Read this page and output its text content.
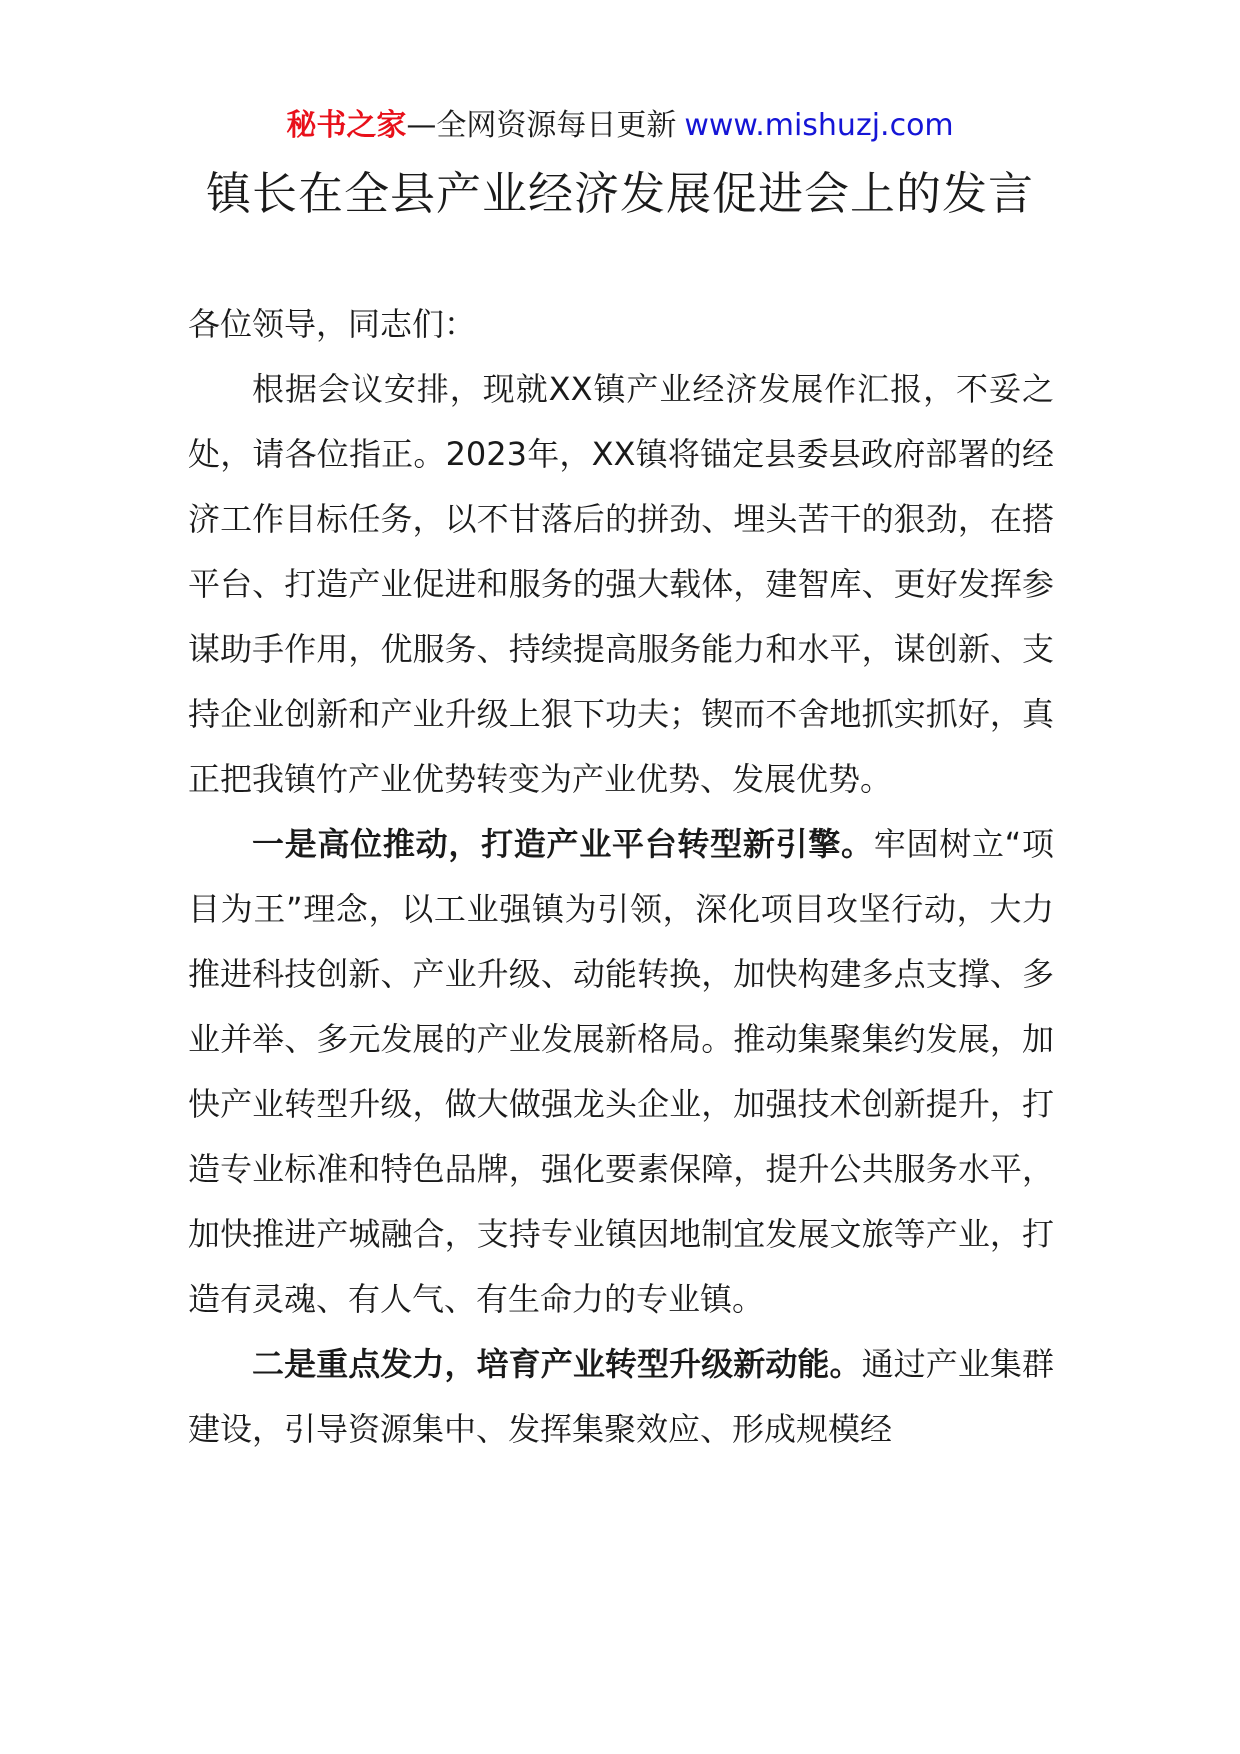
秘书之家—全网资源每日更新 www.mishuzj.com
镇长在全县产业经济发展促进会上的发言

各位领导，同志们：

根据会议安排，现就XX镇产业经济发展作汇报，不妥之处，请各位指正。2023年，XX镇将锚定县委县政府部署的经济工作目标任务，以不甘落后的拼劲、埋头苦干的狠劲，在搭平台、打造产业促进和服务的强大载体，建智库、更好发挥参谋助手作用，优服务、持续提高服务能力和水平，谋创新、支持企业创新和产业升级上狠下功夫；锲而不舍地抓实抓好，真正把我镇竹产业优势转变为产业优势、发展优势。

一是高位推动，打造产业平台转型新引擎。牢固树立“项目为王”理念，以工业强镇为引领，深化项目攻坚行动，大力推进科技创新、产业升级、动能转换，加快构建多点支撑、多业并举、多元发展的产业发展新格局。推动集聚集约发展，加快产业转型升级，做大做强龙头企业，加强技术创新提升，打造专业标准和特色品牌，强化要素保障，提升公共服务水平，加快推进产城融合，支持专业镇因地制宜发展文旅等产业，打造有灵魂、有人气、有生命力的专业镇。

二是重点发力，培育产业转型升级新动能。通过产业集群建设，引导资源集中、发挥集聚效应、形成规模经
